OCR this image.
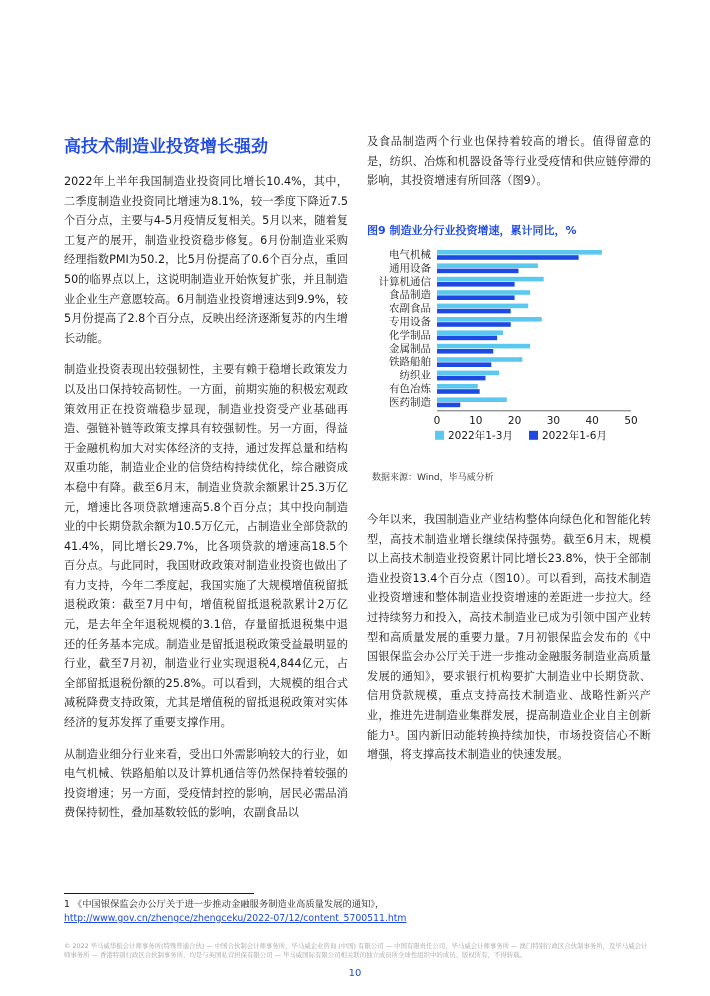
高技术制造业投资增长强劲

2022年上半年我国制造业投资同比增长10.4%，其中，二季度制造业投资同比增速为8.1%，较一季度下降近7.5个百分点，主要与4-5月疫情反复相关。5月以来，随着复工复产的展开，制造业投资稳步修复。6月份制造业采购经理指数PMI为50.2，比5月份提高了0.6个百分点，重回50的临界点以上，这说明制造业开始恢复扩张，并且制造业企业生产意愿较高。6月制造业投资增速达到9.9%，较5月份提高了2.8个百分点，反映出经济逐渐复苏的内生增长动能。

制造业投资表现出较强韧性，主要有赖于稳增长政策发力以及出口保持较高韧性。一方面，前期实施的积极宏观政策效用正在投资端稳步显现，制造业投资受产业基础再造、强链补链等政策支撑具有较强韧性。另一方面，得益于金融机构加大对实体经济的支持，通过发挥总量和结构双重功能，制造业企业的信贷结构持续优化，综合融资成本稳中有降。截至6月末，制造业贷款余额累计25.3万亿元，增速比各项贷款增速高5.8个百分点；其中投向制造业的中长期贷款余额为10.5万亿元，占制造业全部贷款的41.4%，同比增长29.7%，比各项贷款的增速高18.5个百分点。与此同时，我国财政政策对制造业投资也做出了有力支持，今年二季度起，我国实施了大规模增值税留抵退税政策：截至7月中旬，增值税留抵退税款累计2万亿元，是去年全年退税规模的3.1倍，存量留抵退税集中退还的任务基本完成。制造业是留抵退税政策受益最明显的行业，截至7月初，制造业行业实现退税4,844亿元，占全部留抵退税份额的25.8%。可以看到，大规模的组合式减税降费支持政策，尤其是增值税的留抵退税政策对实体经济的复苏发挥了重要支撑作用。

从制造业细分行业来看，受出口外需影响较大的行业，如电气机械、铁路船舶以及计算机通信等仍然保持着较强的投资增速；另一方面，受疫情封控的影响，居民必需品消费保持韧性，叠加基数较低的影响，农副食品以

及食品制造两个行业也保持着较高的增长。值得留意的是，纺织、冶炼和机器设备等行业受疫情和供应链停滞的影响，其投资增速有所回落（图9）。

图9 制造业分行业投资增速，累计同比，%
电气机械
通用设备
计算机通信
食品制造
农副食品
专用设备
化学制品
金属制品
铁路船舶
纺织业
有色冶炼
医药制造
0	10 20 30 40 50
2022年1-3月	2022年1-6月
数据来源：Wind，毕马威分析

今年以来，我国制造业产业结构整体向绿色化和智能化转型，高技术制造业增长继续保持强势。截至6月末，规模以上高技术制造业投资累计同比增长23.8%，快于全部制造业投资13.4个百分点（图10）。可以看到，高技术制造业投资增速和整体制造业投资增速的差距进一步拉大。经过持续努力和投入，高技术制造业已成为引领中国产业转型和高质量发展的重要力量。7月初银保监会发布的《中国银保监会办公厅关于进一步推动金融服务制造业高质量发展的通知》，要求银行机构要扩大制造业中长期贷款、信用贷款规模，重点支持高技术制造业、战略性新兴产业，推进先进制造业集群发展，提高制造业企业自主创新能力¹。国内新旧动能转换持续加快，市场投资信心不断增强，将支撑高技术制造业的快速发展。

1 《中国银保监会办公厅关于进一步推动金融服务制造业高质量发展的通知》，
http://www.gov.cn/zhengce/zhengceku/2022-07/12/content_5700511.htm
© 2022 毕马威华振会计师事务所(特殊普通合伙) — 中国合伙制会计师事务所，毕马威企业咨询 (中国) 有限公司 — 中国有限责任公司，毕马威会计师事务所 — 澳门特别行政区合伙制事务所，及毕马威会计师事务所 — 香港特别行政区合伙制事务所，均是与英国私营担保有限公司 — 毕马威国际有限公司相关联的独立成员所全球性组织中的成员。版权所有，不得转载。
10
